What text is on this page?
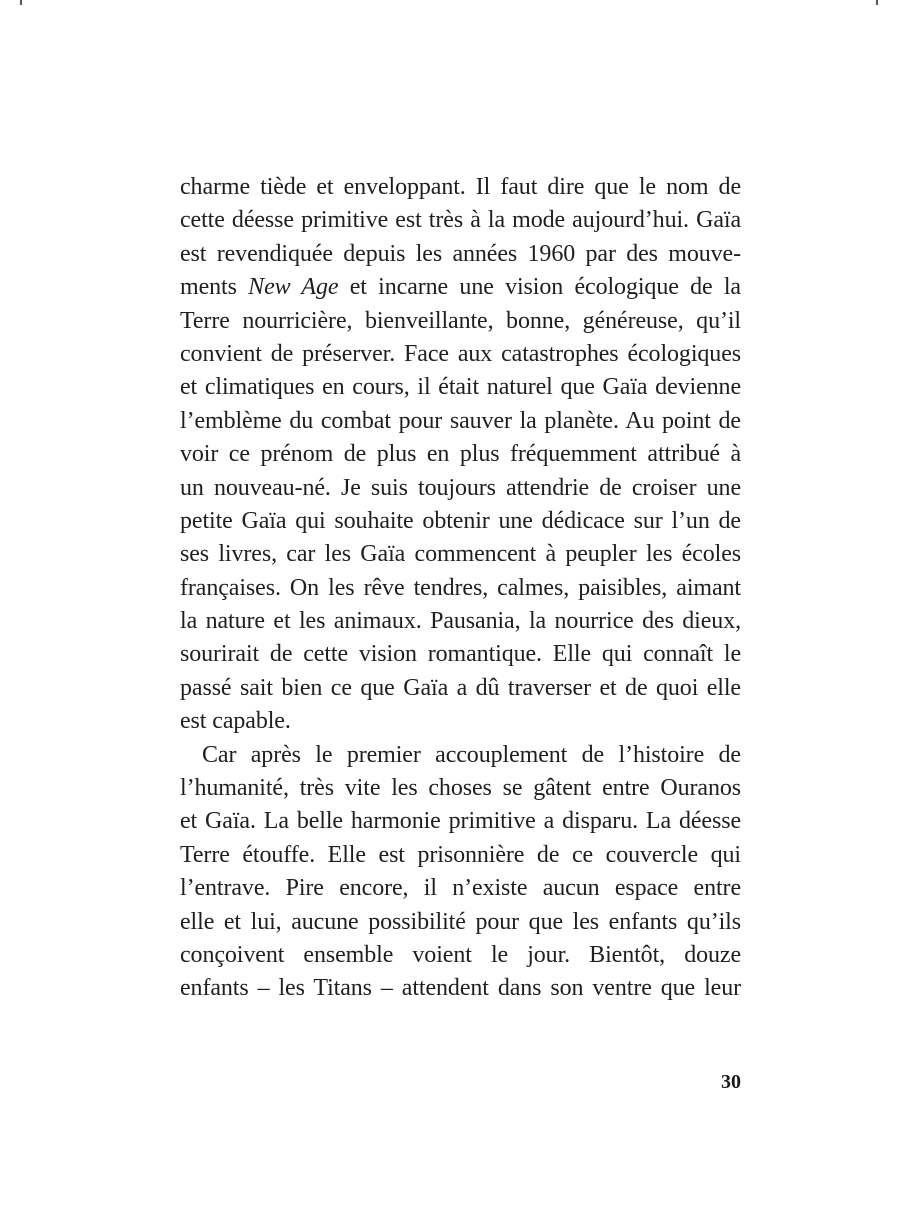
charme tiède et enveloppant. Il faut dire que le nom de
cette déesse primitive est très à la mode aujourd’hui. Gaïa
est revendiquée depuis les années 1960 par des mouve-
ments New Age et incarne une vision écologique de la
Terre nourricière, bienveillante, bonne, généreuse, qu’il
convient de préserver. Face aux catastrophes écologiques
et climatiques en cours, il était naturel que Gaïa devienne
l’emblème du combat pour sauver la planète. Au point de
voir ce prénom de plus en plus fréquemment attribué à
un nouveau-né. Je suis toujours attendrie de croiser une
petite Gaïa qui souhaite obtenir une dédicace sur l’un de
ses livres, car les Gaïa commencent à peupler les écoles
françaises. On les rêve tendres, calmes, paisibles, aimant
la nature et les animaux. Pausania, la nourrice des dieux,
sourirait de cette vision romantique. Elle qui connaît le
passé sait bien ce que Gaïa a dû traverser et de quoi elle
est capable.
Car après le premier accouplement de l’histoire de
l’humanité, très vite les choses se gâtent entre Ouranos
et Gaïa. La belle harmonie primitive a disparu. La déesse
Terre étouffe. Elle est prisonnière de ce couvercle qui
l’entrave. Pire encore, il n’existe aucun espace entre
elle et lui, aucune possibilité pour que les enfants qu’ils
conçoivent ensemble voient le jour. Bientôt, douze
enfants – les Titans – attendent dans son ventre que leur
30
